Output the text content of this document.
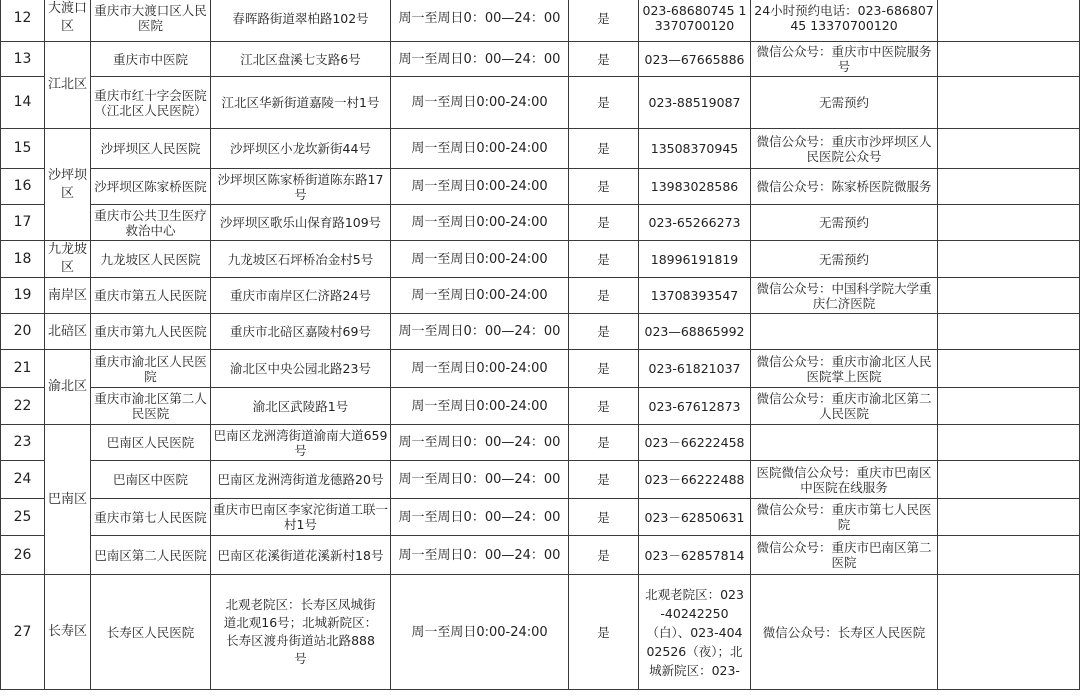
12	大渡口区	重庆市大渡口区人民医院	春晖路街道翠柏路102号	周一至周日0：00—24：00	是	023-68680745 13370700120	24小时预约电话：023-68680745 13370700120	
13	江北区	重庆市中医院	江北区盘溪七支路6号	周一至周日0：00—24：00	是	023—67665886	微信公众号：重庆市中医院服务号	
14		重庆市红十字会医院（江北区人民医院）	江北区华新街道嘉陵一村1号	周一至周日0:00-24:00	是	023-88519087	无需预约	
15	沙坪坝区	沙坪坝区人民医院	沙坪坝区小龙坎新街44号	周一至周日0:00-24:00	是	13508370945	微信公众号：重庆市沙坪坝区人民医院公众号	
16		沙坪坝区陈家桥医院	沙坪坝区陈家桥街道陈东路17号	周一至周日0:00-24:00	是	13983028586	微信公众号：陈家桥医院微服务	
17		重庆市公共卫生医疗救治中心	沙坪坝区歌乐山保育路109号	周一至周日0:00-24:00	是	023-65266273	无需预约	
18	九龙坡区	九龙坡区人民医院	九龙坡区石坪桥冶金村5号	周一至周日0:00-24:00	是	18996191819	无需预约	
19	南岸区	重庆市第五人民医院	重庆市南岸区仁济路24号	周一至周日0:00-24:00	是	13708393547	微信公众号：中国科学院大学重庆仁济医院	
20	北碚区	重庆市第九人民医院	重庆市北碚区嘉陵村69号	周一至周日0：00—24：00	是	023—68865992		
21	渝北区	重庆市渝北区人民医院	渝北区中央公园北路23号	周一至周日0:00-24:00	是	023-61821037	微信公众号：重庆市渝北区人民医院掌上医院	
22		重庆市渝北区第二人民医院	渝北区武陵路1号	周一至周日0:00-24:00	是	023-67612873	微信公众号：重庆市渝北区第二人民医院	
23	巴南区	巴南区人民医院	巴南区龙洲湾街道渝南大道659号	周一至周日0：00—24：00	是	023－66222458		
24		巴南区中医院	巴南区龙洲湾街道龙德路20号	周一至周日0：00—24：00	是	023－66222488	医院微信公众号：重庆市巴南区中医院在线服务	
25		重庆市第七人民医院	重庆市巴南区李家沱街道工联一村1号	周一至周日0：00—24：00	是	023－62850631	微信公众号：重庆市第七人民医院	
26		巴南区第二人民医院	巴南区花溪街道花溪新村18号	周一至周日0：00—24：00	是	023－62857814	微信公众号：重庆市巴南区第二医院	
27	长寿区	长寿区人民医院	北观老院区：长寿区凤城街道北观16号；北城新院区：长寿区渡舟街道站北路888号	周一至周日0:00-24:00	是	北观老院区：023-40242250（白）、023-40402526（夜）；北城新院区：023-	微信公众号：长寿区人民医院	
